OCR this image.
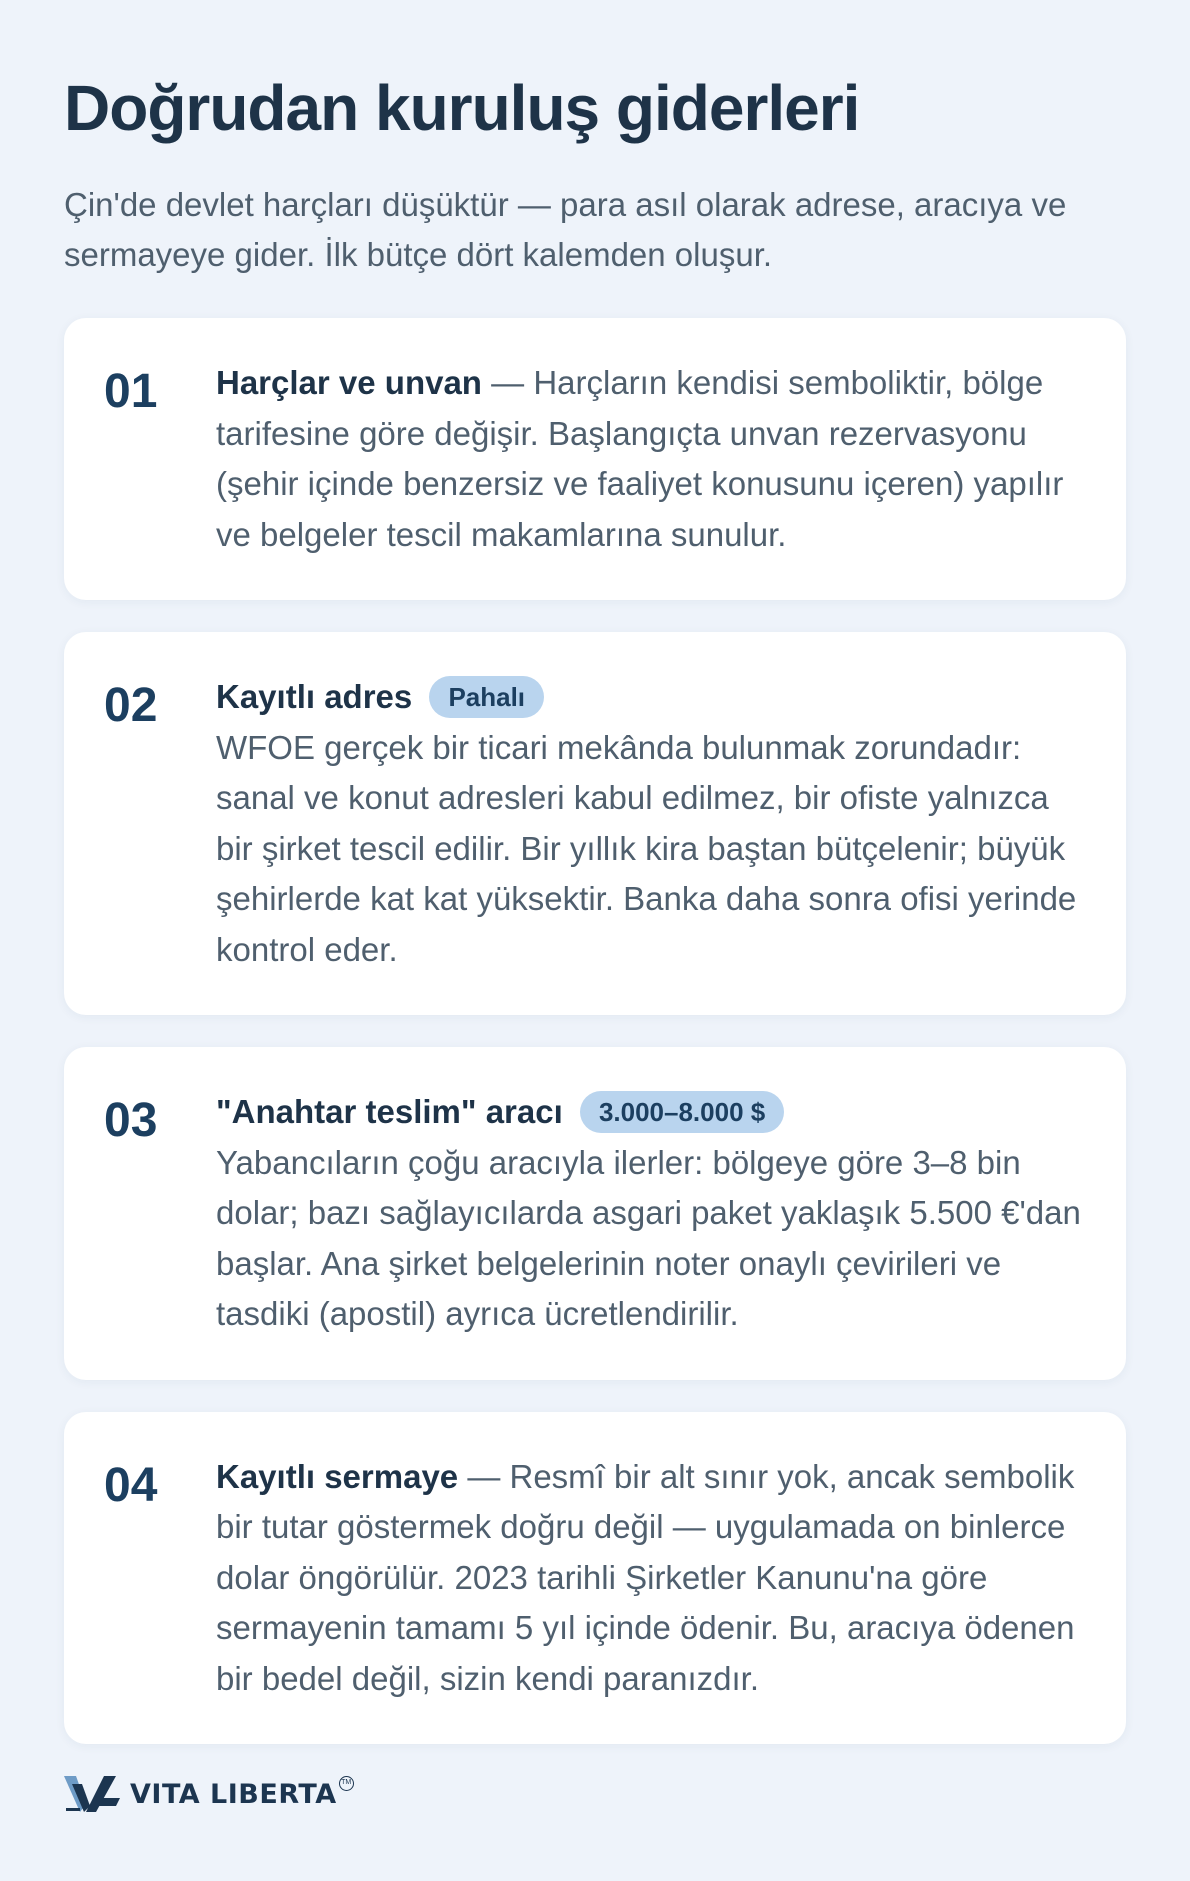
Doğrudan kuruluş giderleri

Çin'de devlet harçları düşüktür — para asıl olarak adrese, aracıya ve sermayeye gider. İlk bütçe dört kalemden oluşur.

01	Harçlar ve unvan — Harçların kendisi semboliktir, bölge tarifesine göre değişir. Başlangıçta unvan rezervasyonu (şehir içinde benzersiz ve faaliyet konusunu içeren) yapılır ve belgeler tescil makamlarına sunulur.
02	Kayıtlı adres Pahalı
WFOE gerçek bir ticari mekânda bulunmak zorundadır: sanal ve konut adresleri kabul edilmez, bir ofiste yalnızca bir şirket tescil edilir. Bir yıllık kira baştan bütçelenir; büyük şehirlerde kat kat yüksektir. Banka daha sonra ofisi yerinde kontrol eder.
03	"Anahtar teslim" aracı 3.000–8.000 $
Yabancıların çoğu aracıyla ilerler: bölgeye göre 3–8 bin dolar; bazı sağlayıcılarda asgari paket yaklaşık 5.500 €'dan başlar. Ana şirket belgelerinin noter onaylı çevirileri ve tasdiki (apostil) ayrıca ücretlendirilir.
04	Kayıtlı sermaye — Resmî bir alt sınır yok, ancak sembolik bir tutar göstermek doğru değil — uygulamada on binlerce dolar öngörülür. 2023 tarihli Şirketler Kanunu'na göre sermayenin tamamı 5 yıl içinde ödenir. Bu, aracıya ödenen bir bedel değil, sizin kendi paranızdır.
VITA LIBERTA TM
